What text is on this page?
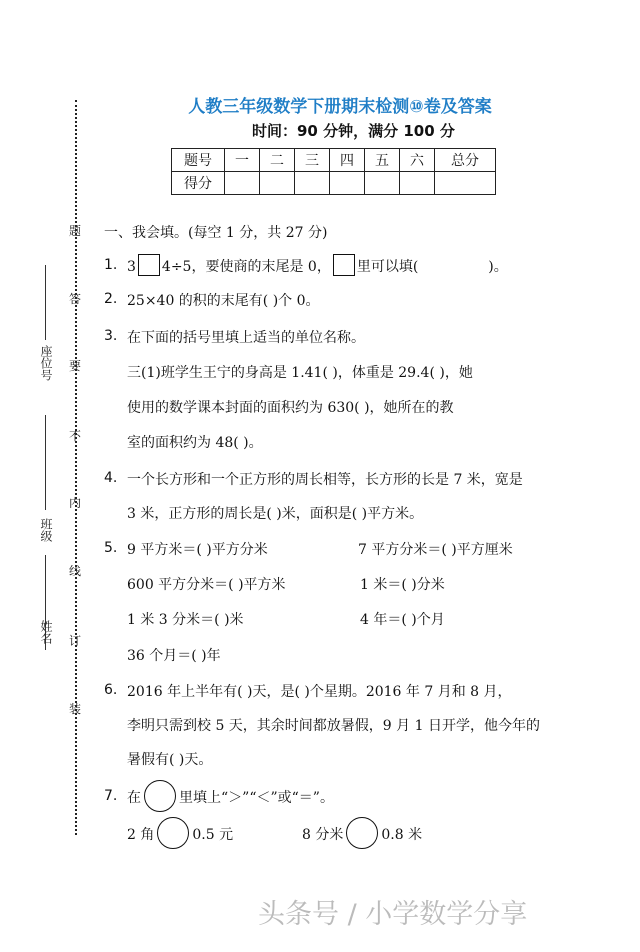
题
答
要
不
内
线
订
装
座位号
班级
姓名
人教三年级数学下册期末检测⑩卷及答案
时间：90 分钟，满分 100 分
题号	一	二	三	四	五	六	总分
得分							
一、我会填。(每空 1 分，共 27 分)
1. 3 4÷5，要使商的末尾是 0， 里可以填(	)。
2. 25×40 的积的末尾有( )个 0。
3. 在下面的括号里填上适当的单位名称。
三(1)班学生王宁的身高是 1.41( )，体重是 29.4( )，她
使用的数学课本封面的面积约为 630( )，她所在的教
室的面积约为 48( )。
4. 一个长方形和一个正方形的周长相等，长方形的长是 7 米，宽是
3 米，正方形的周长是( )米，面积是( )平方米。
5. 9 平方米＝( )平方分米	7 平方分米＝( )平方厘米
600 平方分米＝( )平方米	1 米＝( )分米
1 米 3 分米＝( )米	4 年＝( )个月
36 个月＝( )年
6. 2016 年上半年有( )天，是( )个星期。2016 年 7 月和 8 月，
李明只需到校 5 天，其余时间都放暑假，9 月 1 日开学，他今年的
暑假有( )天。
7. 在	里填上“＞”“＜”或“＝”。
2 角	0.5 元	8 分米	0.8 米
头条号 / 小学数学分享
